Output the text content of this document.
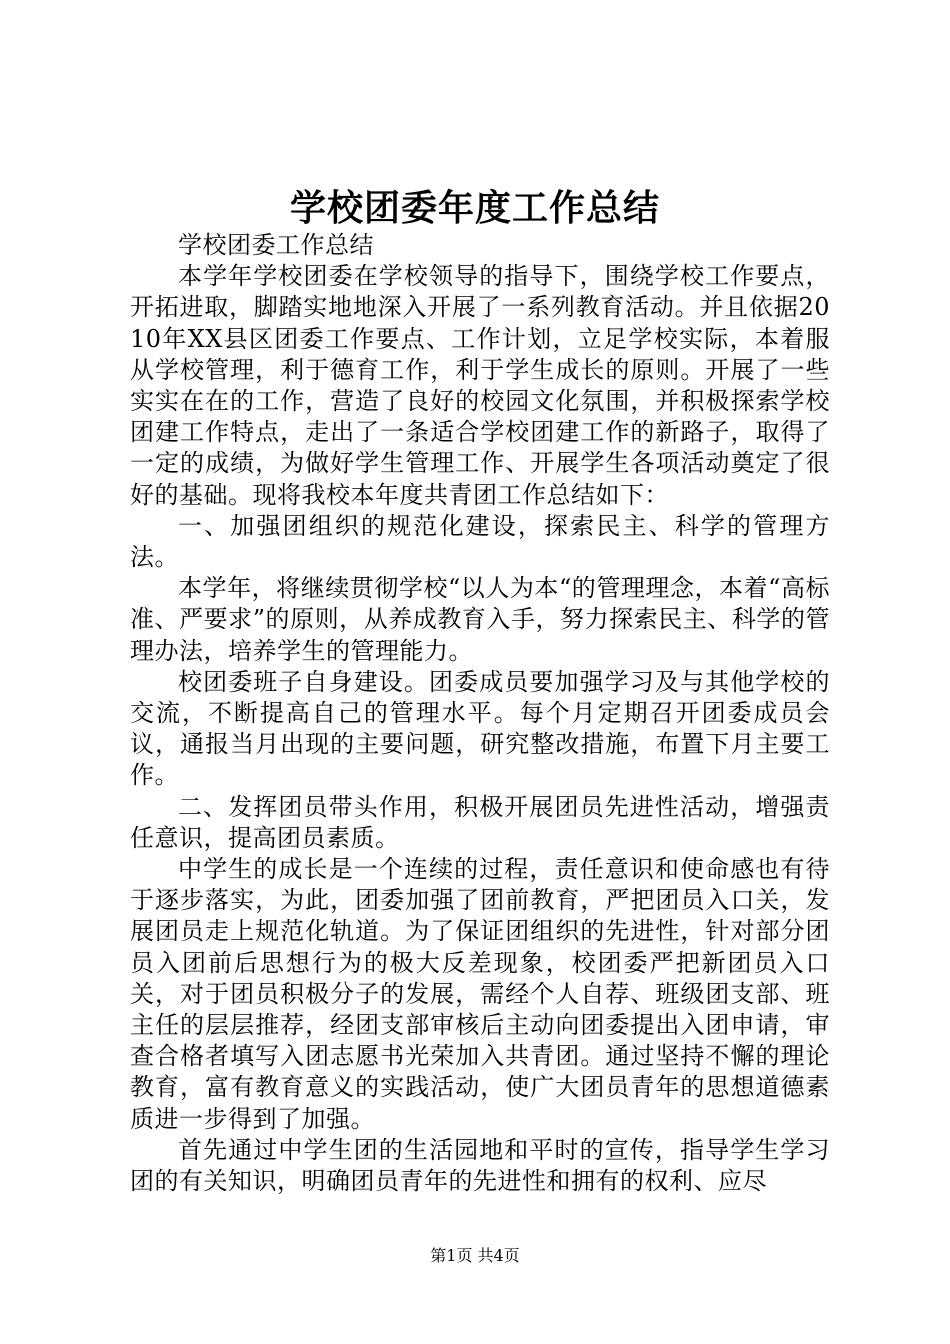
学校团委年度工作总结

学校团委工作总结

本学年学校团委在学校领导的指导下，围绕学校工作要点，开拓进取，脚踏实地地深入开展了一系列教育活动。并且依据2010年XX县区团委工作要点、工作计划，立足学校实际，本着服从学校管理，利于德育工作，利于学生成长的原则。开展了一些实实在在的工作，营造了良好的校园文化氛围，并积极探索学校团建工作特点，走出了一条适合学校团建工作的新路子，取得了一定的成绩，为做好学生管理工作、开展学生各项活动奠定了很好的基础。现将我校本年度共青团工作总结如下：

一、加强团组织的规范化建设，探索民主、科学的管理方法。

本学年，将继续贯彻学校“以人为本“的管理理念，本着“高标准、严要求”的原则，从养成教育入手，努力探索民主、科学的管理办法，培养学生的管理能力。

校团委班子自身建设。团委成员要加强学习及与其他学校的交流，不断提高自己的管理水平。每个月定期召开团委成员会议，通报当月出现的主要问题，研究整改措施，布置下月主要工作。

二、发挥团员带头作用，积极开展团员先进性活动，增强责任意识，提高团员素质。

中学生的成长是一个连续的过程，责任意识和使命感也有待于逐步落实，为此，团委加强了团前教育，严把团员入口关，发展团员走上规范化轨道。为了保证团组织的先进性，针对部分团员入团前后思想行为的极大反差现象，校团委严把新团员入口关，对于团员积极分子的发展，需经个人自荐、班级团支部、班主任的层层推荐，经团支部审核后主动向团委提出入团申请，审查合格者填写入团志愿书光荣加入共青团。通过坚持不懈的理论教育，富有教育意义的实践活动，使广大团员青年的思想道德素质进一步得到了加强。

首先通过中学生团的生活园地和平时的宣传，指导学生学习团的有关知识，明确团员青年的先进性和拥有的权利、应尽

第1页 共4页
